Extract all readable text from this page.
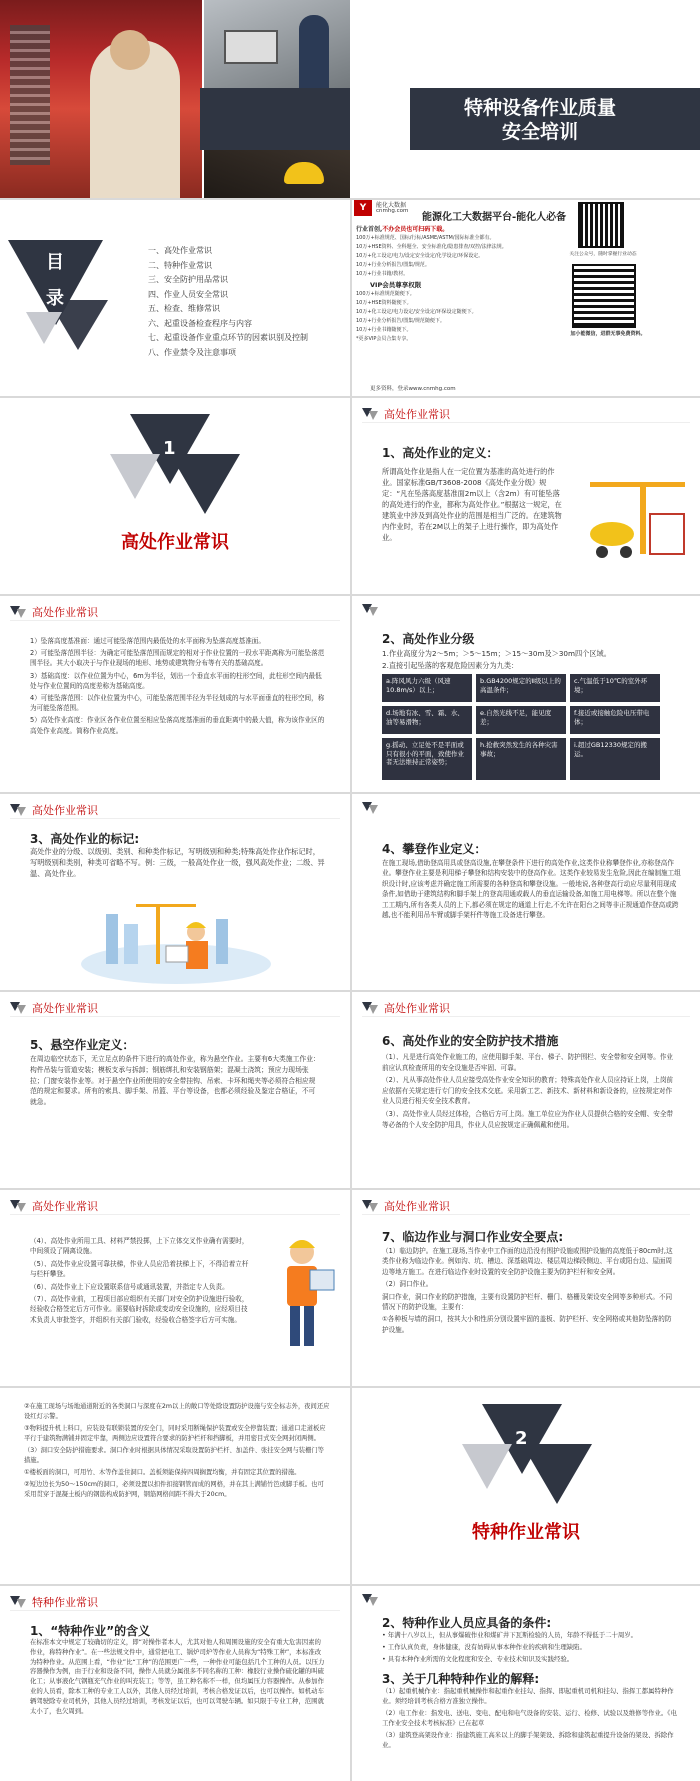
特种设备作业质量
安全培训
目
录
一、高处作业常识
二、特种作业常识
三、安全防护用品常识
四、作业人员安全常识
五、检查、维修常识
六、起重设备检查程序与内容
七、起重设备作业重点环节的因素识别及控制
八、作业禁令及注意事项
Y	能化大数据
cnmhg.com
能源化工大数据平台-能化人必备
行业首创,不办会员也可扫码下载。
100万+标准规范、国标/行标/ASME/ASTM/国际标准全都有。
10万+HSE资料、全科题全、安全标准化/隐患排查/双控/法律法规。
10万+化工设定/电力/设定安全设定/化学设定/环保设定。
10万+行业分析报告/图集/规范。
10万+行业书籍/教材。
VIP会员尊享权限
100万+标准规范随便下。
10万+HSE资料随便下。
10万+化工设定/电力设定/安全设定/环保设定随便下。
10万+行业分析报告/图集/规范随便下。
10万+行业书籍随便下。
*更多VIP会员合集专享。
更多资料，登录www.cnmhg.com
关注公众号，随时掌握行业动态
加小能微信，进群无事免费资料。
1
高处作业常识
高处作业常识
1、高处作业的定义：
所谓高处作业是指人在一定位置为基准的高处进行的作业。国家标准GB/T3608-2008《高处作业分级》规定：“凡在坠落高度基准面2m以上（含2m）有可能坠落的高处进行的作业，都称为高处作业。”根据这一规定，在建筑业中涉及到高处作业的范围是相当广泛的。在建筑物内作业时，若在2M以上的架子上进行操作，即为高处作业。
高处作业常识

1）坠落高度基准面：通过可能坠落范围内最低处的水平面称为坠落高度基准面。

2）可能坠落范围半径：为确定可能坠落范围而规定的相对于作业位置的一段水平距离称为可能坠落范围半径。其大小取决于与作业现场的地形、地势或建筑物分布等有关的基础高度。

3）基础高度：以作业位置为中心，6m为半径，划出一个垂直水平面的柱形空间，此柱形空间内最低处与作业位置间的高度差称为基础高度。

4）可能坠落范围：以作业位置为中心，可能坠落范围半径为半径划成的与水平面垂直的柱形空间，称为可能坠落范围。

5）高处作业高度：作业区各作业位置至相应坠落高度基准面的垂直距离中的最大值，称为该作业区的高处作业高度。简称作业高度。

2、高处作业分级
1.作业高度分为2～5m；＞5～15m；＞15～30m及＞30m四个区域。
2.直接引起坠落的客观危险因素分为九类：
a.阵风风力六级（风速10.8m/s）以上；
b.GB4200规定的Ⅱ级以上的高温条件；
c.气温低于10℃的室外环境；
d.场地有冰、雪、霜、水、油等易滑物；
e.自然光线不足，能见度差；
f.接近或接触危险电压带电体；
g.摇动、立足处不是平面或只有很小的平面，致使作业者无法维持正常姿势；
h.抢救突然发生的各种灾害事故；
i.超过GB12330规定的搬运。
高处作业常识
3、高处作业的标记:
高处作业的分级、以级别、类别、和种类作标记，写明级别和种类;特殊高处作业作标记时，写明级别和类别，种类可省略不写。例：三级，一般高处作业一级，强风高处作业；二级、异温、高处作业。
4、攀登作业定义：
在施工现场,借助登高用具或登高设施,在攀登条件下进行的高处作业,这类作业称攀登作业,亦称登高作业。攀登作业主要是利用梯子攀登和结构安装中的登高作业。这类作业较易发生危险,因此在编制施工组织设计时,应该考虑并确定施工所需要的各种登高和攀登设施。一般地说,各种登高行动应尽量利用现成条件,如借助于建筑结构和脚手架上的登高用通或载人的垂直运输设备,如施工用电梯等。所以在整个施工工期内,所有各类人员的上下,都必须在规定的通道上行走,不允许在阳台之间等非正规通道作登高或跨越,也不能利用吊车臂或脚手架杆件等施工设备进行攀登。
高处作业常识
5、悬空作业定义：
在周边临空状态下，无立足点的条件下进行的高处作业，称为悬空作业。主要有6大类施工作业：构件吊装与管道安装；模板支承与拆卸；钢筋绑扎和安装钢筋架；混凝土浇筑；预应力现场张拉；门窗安装作业等。对于悬空作业所使用的安全带挂钩、吊索、卡环和绳夹等必须符合相应规范的规定和要求。所有的索具、脚手架、吊篮、平台等设备，也都必须经验及鉴定合格证，不可就急。
高处作业常识
6、高处作业的安全防护技术措施

（1）、凡是进行高处作业施工的，应使用脚手架、平台、梯子、防护围栏、安全带和安全网等。作业前应认真检查所用的安全设施是否牢固、可靠。

（2）、凡从事高处作业人员应接受高处作业安全知识的教育；特殊高处作业人员应持证上岗，上岗前应依据有关规定进行专门的安全技术交底。采用新工艺、新技术、新材料和新设备的，应按规定对作业人员进行相关安全技术教育。

（3）、高处作业人员经过体检，合格后方可上岗。施工单位应为作业人员提供合格的安全帽、安全带等必备的个人安全防护用具，作业人员应按规定正确佩戴和使用。

高处作业常识

（4）、高处作业所用工具、材料严禁投掷，上下立体交叉作业确有需要时，中间须设了隔离设施。

（5）、高处作业应设置可靠扶梯，作业人员应沿着扶梯上下，不得沿着立杆与栏杆攀登。

（6）、高处作业上下应设置联系信号或通讯装置，并指定专人负责。

（7）、高处作业前，工程项目部应组织有关部门对安全防护设施进行验收，经验收合格签定后方可作业。需要临时拆除或变动安全设施的，应经项目技术负责人审批签字，并组织有关部门验收，经验收合格签字后方可实施。

高处作业常识
7、临边作业与洞口作业安全要点:

（1）临边防护。在施工现场,当作业中工作面的边沿没有围护设施或围护设施的高度低于80cm时,这类作业称为临边作业。例如沟、坑、槽边、深基础周边、楼层周边梯段侧边、平台或阳台边、屋面周边等地方施工。在进行临边作业时设置的安全防护设施主要为防护栏杆和安全网。

（2）洞口作业。

洞口作业，洞口作业的防护措施，主要有设置防护栏杆、栅门、格栅及架设安全网等多种形式。不同情况下的防护设施，主要有：

①各种板与墙的洞口，按其大小和性质分别设置牢固的盖板、防护栏杆、安全网格或其他防坠落的防护设施。

②在施工现场与场地通道附近的各类洞口与深度在2m以上的敞口等处除设置防护设施与安全标志外，夜间还应设红灯示警。

③物料提升机上料口，应装设有联锁装置的安全门，同时采用断绳保护装置或安全停靠装置；通道口走道板应平行于建筑物满铺并固定牢靠，两侧边应设置符合要求的防护栏杆和挡脚板，并用密目式安全网封闭两侧。

（3）洞口安全防护措施要求。洞口作业时根据具体情况采取设置防护栏杆、加盖件、张挂安全网与装栅门等措施。

①楼板面的洞口，可用竹、木等作盖住洞口。盖板须能保持四周搁置均衡，并有固定其位置的措施。

②短边边长为50～150cm的洞口，必须设置以扣件扣接钢管而成的网格，并在其上满铺竹笆或脚手板。也可采用贯穿于混凝土板内的钢筋构成防护网，钢筋网格间距不得大于20cm。

2
特种作业常识
特种作业常识
1、“特种作业”的含义
在标准本文中规定了较确切的定义，即“对操作者本人，尤其对他人和周围设施的安全有重大危害因素的作业，称特种作业”。在一些法规文件中，通常把电工、锅炉司炉等作业人员称为“特殊工种”，本标准改为特种作业。从范围上看，“作业”比“工种”的范围更广一些，一种作业可能包括几个工种的人员。以压力容器操作为例，由于行业和设备不同，操作人员就分属很多不同名称的工种：橡胶行业操作硫化罐的叫硫化工；从事液化气钢瓶充气作业的叫充装工；等等，虽工种名称不一样，但均属压力容器操作。从参加作业的人员看，除本工种的专业工人以外，其他人员经过培训，考核合格发证以后，也可以操作。如机动车辆驾驶除专业司机外，其他人员经过培训，考核发证以后，也可以驾驶车辆。如只限于专业工种，范围就太小了，也欠周到。
2、特种作业人员应具备的条件:

• 年满十八岁以上，但从事爆破作业和煤矿井下瓦斯检验的人员，年龄不得低于二十周岁。

• 工作认真负责，身体健康，没有妨碍从事本种作业的疾病和生理缺陷。

• 具有本种作业所需的文化程度和安全、专业技术知识及实践经验。

3、关于几种特种作业的解释:

（1）起重机械作业：指起重机械操作和起重作业挂勾、指挥、即起重机司机和挂勾、指挥工都属特种作业。须经培训考核合格方准独立操作。

（2）电工作业：指发电、送电、变电、配电和电气设备的安装、运行、检修、试验以及维修等作业。《电工作业安全技术考核标准》已在起草

（3）建筑登高架设作业：指建筑施工高米以上的脚手架架设、拆除和建筑起重提升设备的架设、拆除作业。
